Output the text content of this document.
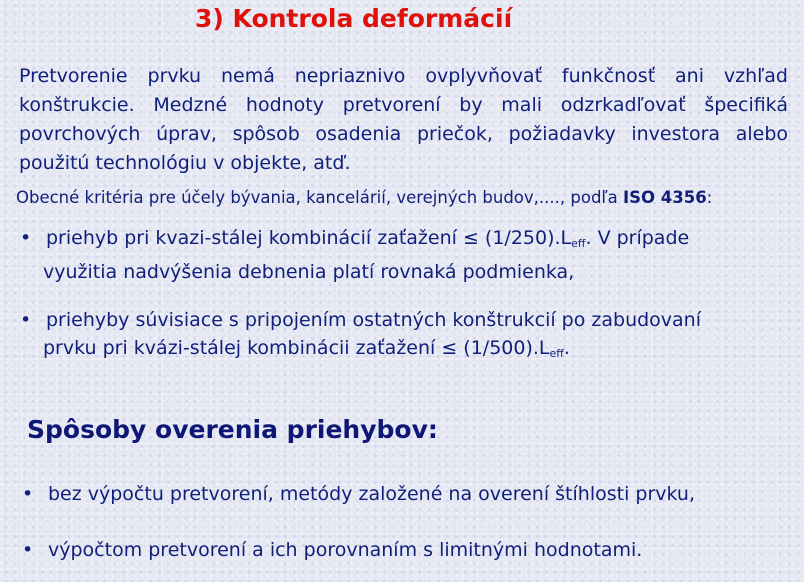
3) Kontrola deformácií
Pretvorenie prvku nemá nepriaznivo ovplyvňovať funkčnosť ani vzhľad konštrukcie. Medzné hodnoty pretvorení by mali odzrkadľovať špecifiká povrchových úprav, spôsob osadenia priečok, požiadavky investora alebo použitú technológiu v objekte, atď.
Obecné kritéria pre účely bývania, kancelárií, verejných budov,...., podľa ISO 4356:
• priehyb pri kvazi-stálej kombinácií zaťažení ≤ $(1/250).L_{eff}$. V prípade
využitia nadvýšenia debnenia platí rovnaká podmienka,
• priehyby súvisiace s pripojením ostatných konštrukcií po zabudovaní
prvku pri kvázi-stálej kombinácii zaťažení ≤ $(1/500).L_{eff}$.
Spôsoby overenia priehybov:
• bez výpočtu pretvorení, metódy založené na overení štíhlosti prvku,
• výpočtom pretvorení a ich porovnaním s limitnými hodnotami.
